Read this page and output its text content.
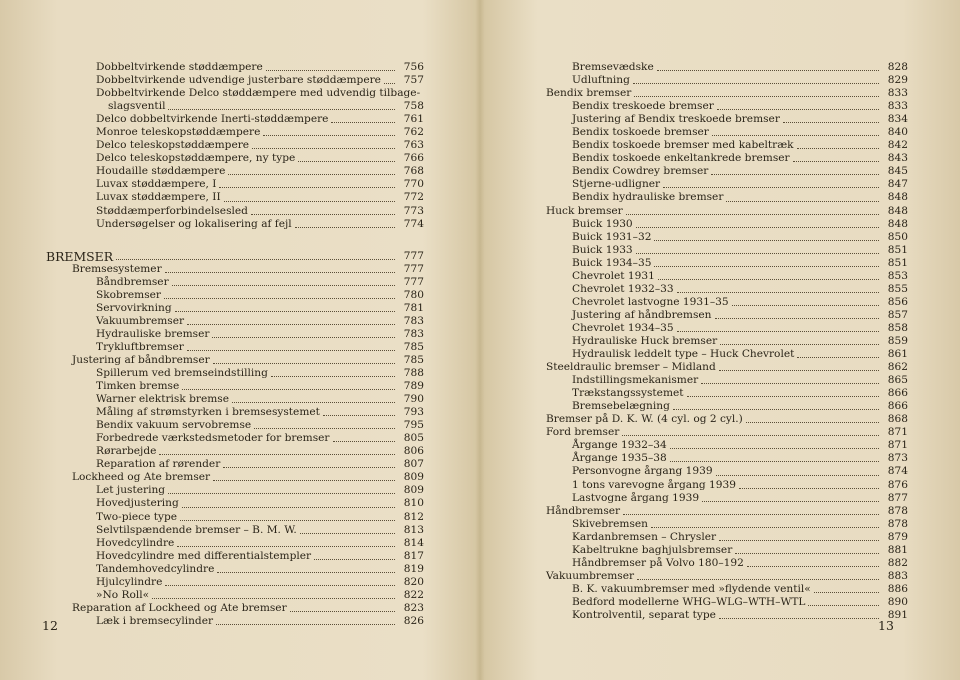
Dobbeltvirkende støddæmpere	756
Dobbeltvirkende udvendige justerbare støddæmpere	757
Dobbeltvirkende Delco støddæmpere med udvendig tilbage-
slagsventil	758
Delco dobbeltvirkende Inerti-støddæmpere	761
Monroe teleskopstøddæmpere	762
Delco teleskopstøddæmpere	763
Delco teleskopstøddæmpere, ny type	766
Houdaille støddæmpere	768
Luvax støddæmpere, I	770
Luvax støddæmpere, II	772
Støddæmperforbindelsesled	773
Undersøgelser og lokalisering af fejl	774
BREMSER	777
Bremsesystemer	777
Båndbremser	777
Skobremser	780
Servovirkning	781
Vakuumbremser	783
Hydrauliske bremser	783
Trykluftbremser	785
Justering af båndbremser	785
Spillerum ved bremseindstilling	788
Timken bremse	789
Warner elektrisk bremse	790
Måling af strømstyrken i bremsesystemet	793
Bendix vakuum servobremse	795
Forbedrede værkstedsmetoder for bremser	805
Rørarbejde	806
Reparation af rørender	807
Lockheed og Ate bremser	809
Let justering	809
Hovedjustering	810
Two-piece type	812
Selvtilspændende bremser – B. M. W.	813
Hovedcylindre	814
Hovedcylindre med differentialstempler	817
Tandemhovedcylindre	819
Hjulcylindre	820
»No Roll«	822
Reparation af Lockheed og Ate bremser	823
Læk i bremsecylinder	826
12
Bremsevædske	828
Udluftning	829
Bendix bremser	833
Bendix treskoede bremser	833
Justering af Bendix treskoede bremser	834
Bendix toskoede bremser	840
Bendix toskoede bremser med kabeltræk	842
Bendix toskoede enkeltankrede bremser	843
Bendix Cowdrey bremser	845
Stjerne-udligner	847
Bendix hydrauliske bremser	848
Huck bremser	848
Buick 1930	848
Buick 1931–32	850
Buick 1933	851
Buick 1934–35	851
Chevrolet 1931	853
Chevrolet 1932–33	855
Chevrolet lastvogne 1931–35	856
Justering af håndbremsen	857
Chevrolet 1934–35	858
Hydrauliske Huck bremser	859
Hydraulisk leddelt type – Huck Chevrolet	861
Steeldraulic bremser – Midland	862
Indstillingsmekanismer	865
Trækstangssystemet	866
Bremsebelægning	866
Bremser på D. K. W. (4 cyl. og 2 cyl.)	868
Ford bremser	871
Årgange 1932–34	871
Årgange 1935–38	873
Personvogne årgang 1939	874
1 tons varevogne årgang 1939	876
Lastvogne årgang 1939	877
Håndbremser	878
Skivebremsen	878
Kardanbremsen – Chrysler	879
Kabeltrukne baghjulsbremser	881
Håndbremser på Volvo 180–192	882
Vakuumbremser	883
B. K. vakuumbremser med »flydende ventil«	886
Bedford modellerne WHG–WLG–WTH–WTL	890
Kontrolventil, separat type	891
13
